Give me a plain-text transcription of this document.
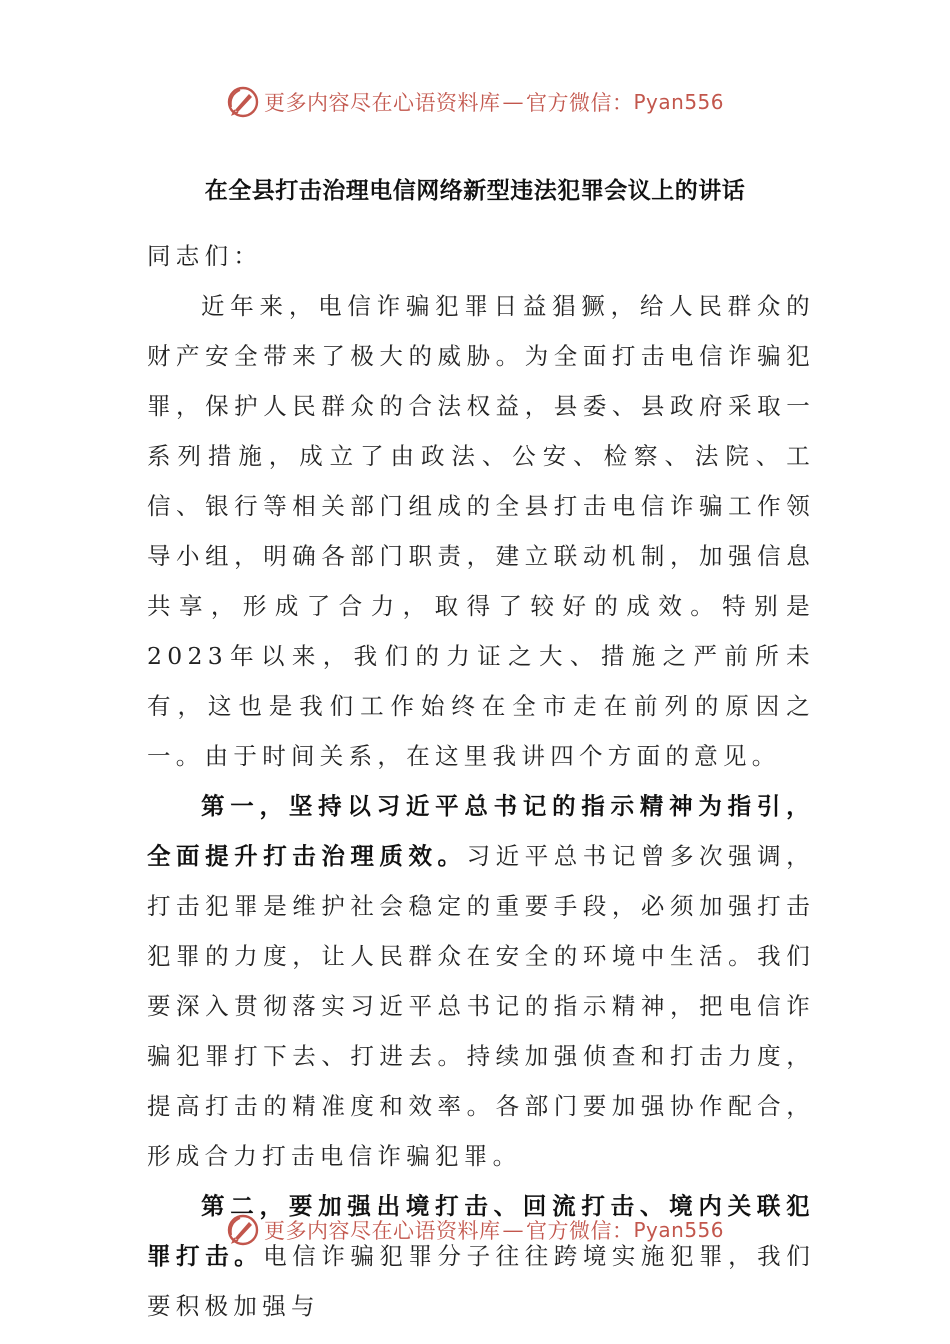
更多内容尽在心语资料库 — 官方微信： Pyan556
在全县打击治理电信网络新型违法犯罪会议上的讲话

同志们：

近年来，电信诈骗犯罪日益猖獗，给人民群众的财产安全带来了极大的威胁。为全面打击电信诈骗犯罪，保护人民群众的合法权益，县委、县政府采取一系列措施，成立了由政法、公安、检察、法院、工信、银行等相关部门组成的全县打击电信诈骗工作领导小组，明确各部门职责，建立联动机制，加强信息共享，形成了合力，取得了较好的成效。特别是2023年以来，我们的力证之大、措施之严前所未有，这也是我们工作始终在全市走在前列的原因之一。由于时间关系，在这里我讲四个方面的意见。

第一，坚持以习近平总书记的指示精神为指引，全面提升打击治理质效。习近平总书记曾多次强调，打击犯罪是维护社会稳定的重要手段，必须加强打击犯罪的力度，让人民群众在安全的环境中生活。我们要深入贯彻落实习近平总书记的指示精神，把电信诈骗犯罪打下去、打进去。持续加强侦查和打击力度，提高打击的精准度和效率。各部门要加强协作配合，形成合力打击电信诈骗犯罪。

第二，要加强出境打击、回流打击、境内关联犯罪打击。电信诈骗犯罪分子往往跨境实施犯罪，我们要积极加强与

更多内容尽在心语资料库 — 官方微信： Pyan556
